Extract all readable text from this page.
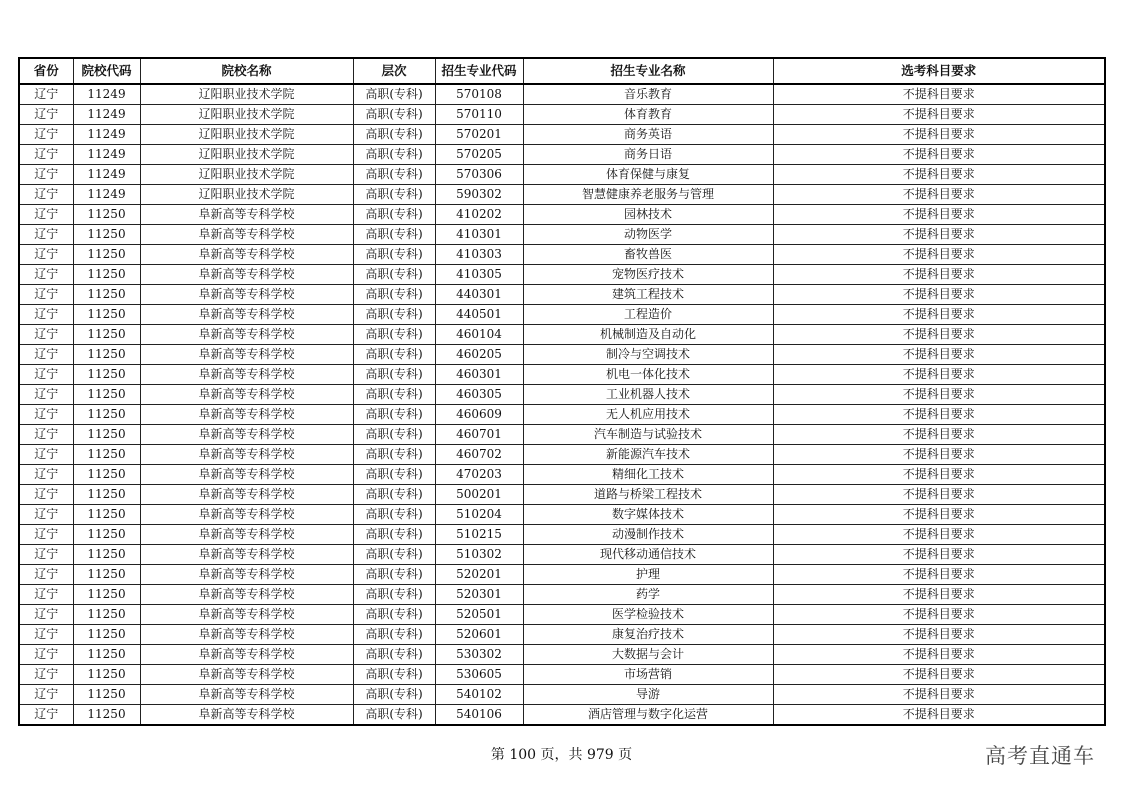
省份	院校代码	院校名称	层次	招生专业代码	招生专业名称	选考科目要求
辽宁	11249	辽阳职业技术学院	高职(专科)	570108	音乐教育	不提科目要求
辽宁	11249	辽阳职业技术学院	高职(专科)	570110	体育教育	不提科目要求
辽宁	11249	辽阳职业技术学院	高职(专科)	570201	商务英语	不提科目要求
辽宁	11249	辽阳职业技术学院	高职(专科)	570205	商务日语	不提科目要求
辽宁	11249	辽阳职业技术学院	高职(专科)	570306	体育保健与康复	不提科目要求
辽宁	11249	辽阳职业技术学院	高职(专科)	590302	智慧健康养老服务与管理	不提科目要求
辽宁	11250	阜新高等专科学校	高职(专科)	410202	园林技术	不提科目要求
辽宁	11250	阜新高等专科学校	高职(专科)	410301	动物医学	不提科目要求
辽宁	11250	阜新高等专科学校	高职(专科)	410303	畜牧兽医	不提科目要求
辽宁	11250	阜新高等专科学校	高职(专科)	410305	宠物医疗技术	不提科目要求
辽宁	11250	阜新高等专科学校	高职(专科)	440301	建筑工程技术	不提科目要求
辽宁	11250	阜新高等专科学校	高职(专科)	440501	工程造价	不提科目要求
辽宁	11250	阜新高等专科学校	高职(专科)	460104	机械制造及自动化	不提科目要求
辽宁	11250	阜新高等专科学校	高职(专科)	460205	制冷与空调技术	不提科目要求
辽宁	11250	阜新高等专科学校	高职(专科)	460301	机电一体化技术	不提科目要求
辽宁	11250	阜新高等专科学校	高职(专科)	460305	工业机器人技术	不提科目要求
辽宁	11250	阜新高等专科学校	高职(专科)	460609	无人机应用技术	不提科目要求
辽宁	11250	阜新高等专科学校	高职(专科)	460701	汽车制造与试验技术	不提科目要求
辽宁	11250	阜新高等专科学校	高职(专科)	460702	新能源汽车技术	不提科目要求
辽宁	11250	阜新高等专科学校	高职(专科)	470203	精细化工技术	不提科目要求
辽宁	11250	阜新高等专科学校	高职(专科)	500201	道路与桥梁工程技术	不提科目要求
辽宁	11250	阜新高等专科学校	高职(专科)	510204	数字媒体技术	不提科目要求
辽宁	11250	阜新高等专科学校	高职(专科)	510215	动漫制作技术	不提科目要求
辽宁	11250	阜新高等专科学校	高职(专科)	510302	现代移动通信技术	不提科目要求
辽宁	11250	阜新高等专科学校	高职(专科)	520201	护理	不提科目要求
辽宁	11250	阜新高等专科学校	高职(专科)	520301	药学	不提科目要求
辽宁	11250	阜新高等专科学校	高职(专科)	520501	医学检验技术	不提科目要求
辽宁	11250	阜新高等专科学校	高职(专科)	520601	康复治疗技术	不提科目要求
辽宁	11250	阜新高等专科学校	高职(专科)	530302	大数据与会计	不提科目要求
辽宁	11250	阜新高等专科学校	高职(专科)	530605	市场营销	不提科目要求
辽宁	11250	阜新高等专科学校	高职(专科)	540102	导游	不提科目要求
辽宁	11250	阜新高等专科学校	高职(专科)	540106	酒店管理与数字化运营	不提科目要求
第 100 页，共 979 页	高考直通车
